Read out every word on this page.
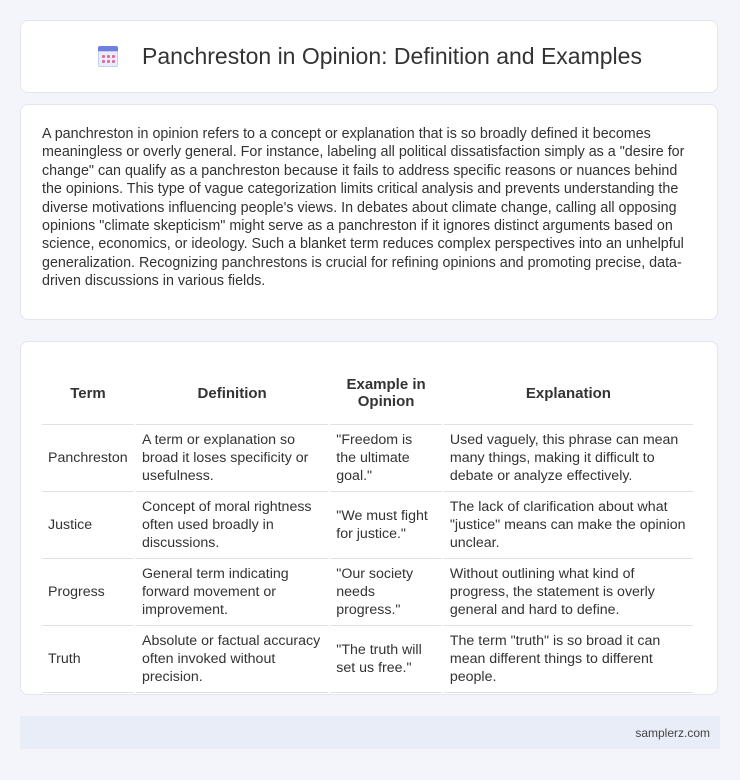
Panchreston in Opinion: Definition and Examples

A panchreston in opinion refers to a concept or explanation that is so broadly defined it becomes meaningless or overly general. For instance, labeling all political dissatisfaction simply as a "desire for change" can qualify as a panchreston because it fails to address specific reasons or nuances behind the opinions. This type of vague categorization limits critical analysis and prevents understanding the diverse motivations influencing people's views. In debates about climate change, calling all opposing opinions "climate skepticism" might serve as a panchreston if it ignores distinct arguments based on science, economics, or ideology. Such a blanket term reduces complex perspectives into an unhelpful generalization. Recognizing panchrestons is crucial for refining opinions and promoting precise, data-driven discussions in various fields.

Term	Definition	Example in Opinion	Explanation
Panchreston	A term or explanation so broad it loses specificity or usefulness.	"Freedom is the ultimate goal."	Used vaguely, this phrase can mean many things, making it difficult to debate or analyze effectively.
Justice	Concept of moral rightness often used broadly in discussions.	"We must fight for justice."	The lack of clarification about what "justice" means can make the opinion unclear.
Progress	General term indicating forward movement or improvement.	"Our society needs progress."	Without outlining what kind of progress, the statement is overly general and hard to define.
Truth	Absolute or factual accuracy often invoked without precision.	"The truth will set us free."	The term "truth" is so broad it can mean different things to different people.
samplerz.com
